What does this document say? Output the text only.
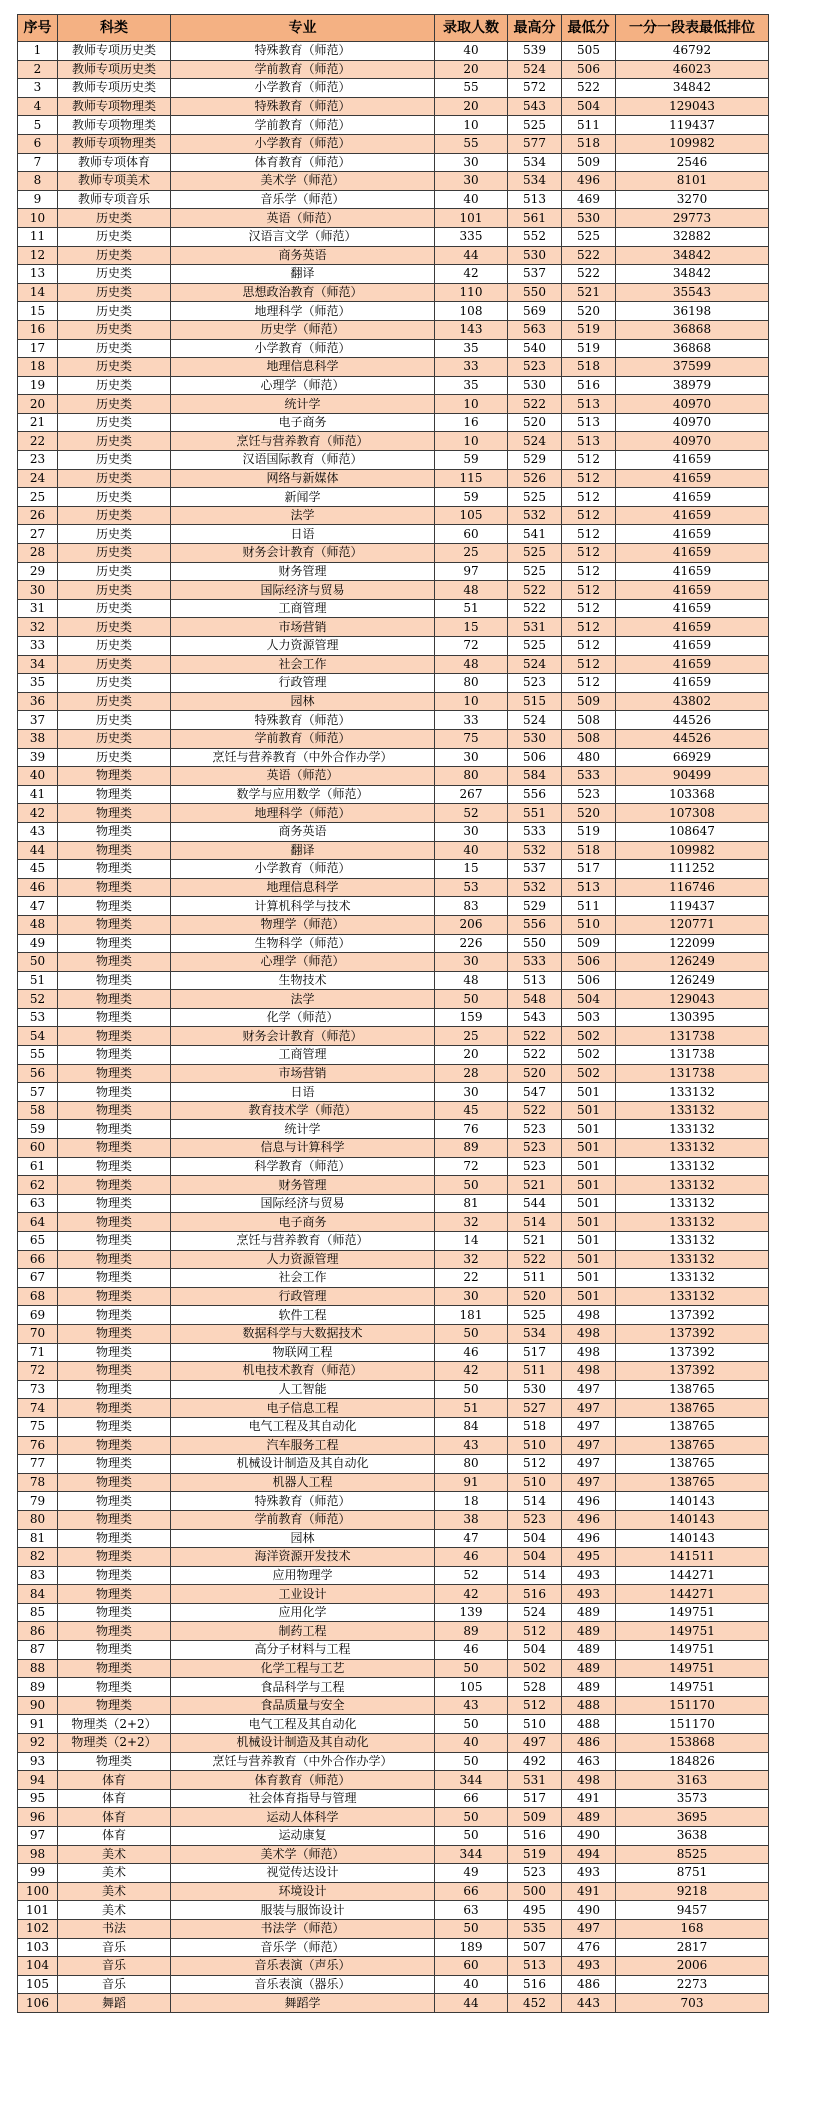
序号	科类	专业	录取人数	最高分	最低分	一分一段表最低排位
1	教师专项历史类	特殊教育（师范）	40	539	505	46792
2	教师专项历史类	学前教育（师范）	20	524	506	46023
3	教师专项历史类	小学教育（师范）	55	572	522	34842
4	教师专项物理类	特殊教育（师范）	20	543	504	129043
5	教师专项物理类	学前教育（师范）	10	525	511	119437
6	教师专项物理类	小学教育（师范）	55	577	518	109982
7	教师专项体育	体育教育（师范）	30	534	509	2546
8	教师专项美术	美术学（师范）	30	534	496	8101
9	教师专项音乐	音乐学（师范）	40	513	469	3270
10	历史类	英语（师范）	101	561	530	29773
11	历史类	汉语言文学（师范）	335	552	525	32882
12	历史类	商务英语	44	530	522	34842
13	历史类	翻译	42	537	522	34842
14	历史类	思想政治教育（师范）	110	550	521	35543
15	历史类	地理科学（师范）	108	569	520	36198
16	历史类	历史学（师范）	143	563	519	36868
17	历史类	小学教育（师范）	35	540	519	36868
18	历史类	地理信息科学	33	523	518	37599
19	历史类	心理学（师范）	35	530	516	38979
20	历史类	统计学	10	522	513	40970
21	历史类	电子商务	16	520	513	40970
22	历史类	烹饪与营养教育（师范）	10	524	513	40970
23	历史类	汉语国际教育（师范）	59	529	512	41659
24	历史类	网络与新媒体	115	526	512	41659
25	历史类	新闻学	59	525	512	41659
26	历史类	法学	105	532	512	41659
27	历史类	日语	60	541	512	41659
28	历史类	财务会计教育（师范）	25	525	512	41659
29	历史类	财务管理	97	525	512	41659
30	历史类	国际经济与贸易	48	522	512	41659
31	历史类	工商管理	51	522	512	41659
32	历史类	市场营销	15	531	512	41659
33	历史类	人力资源管理	72	525	512	41659
34	历史类	社会工作	48	524	512	41659
35	历史类	行政管理	80	523	512	41659
36	历史类	园林	10	515	509	43802
37	历史类	特殊教育（师范）	33	524	508	44526
38	历史类	学前教育（师范）	75	530	508	44526
39	历史类	烹饪与营养教育（中外合作办学）	30	506	480	66929
40	物理类	英语（师范）	80	584	533	90499
41	物理类	数学与应用数学（师范）	267	556	523	103368
42	物理类	地理科学（师范）	52	551	520	107308
43	物理类	商务英语	30	533	519	108647
44	物理类	翻译	40	532	518	109982
45	物理类	小学教育（师范）	15	537	517	111252
46	物理类	地理信息科学	53	532	513	116746
47	物理类	计算机科学与技术	83	529	511	119437
48	物理类	物理学（师范）	206	556	510	120771
49	物理类	生物科学（师范）	226	550	509	122099
50	物理类	心理学（师范）	30	533	506	126249
51	物理类	生物技术	48	513	506	126249
52	物理类	法学	50	548	504	129043
53	物理类	化学（师范）	159	543	503	130395
54	物理类	财务会计教育（师范）	25	522	502	131738
55	物理类	工商管理	20	522	502	131738
56	物理类	市场营销	28	520	502	131738
57	物理类	日语	30	547	501	133132
58	物理类	教育技术学（师范）	45	522	501	133132
59	物理类	统计学	76	523	501	133132
60	物理类	信息与计算科学	89	523	501	133132
61	物理类	科学教育（师范）	72	523	501	133132
62	物理类	财务管理	50	521	501	133132
63	物理类	国际经济与贸易	81	544	501	133132
64	物理类	电子商务	32	514	501	133132
65	物理类	烹饪与营养教育（师范）	14	521	501	133132
66	物理类	人力资源管理	32	522	501	133132
67	物理类	社会工作	22	511	501	133132
68	物理类	行政管理	30	520	501	133132
69	物理类	软件工程	181	525	498	137392
70	物理类	数据科学与大数据技术	50	534	498	137392
71	物理类	物联网工程	46	517	498	137392
72	物理类	机电技术教育（师范）	42	511	498	137392
73	物理类	人工智能	50	530	497	138765
74	物理类	电子信息工程	51	527	497	138765
75	物理类	电气工程及其自动化	84	518	497	138765
76	物理类	汽车服务工程	43	510	497	138765
77	物理类	机械设计制造及其自动化	80	512	497	138765
78	物理类	机器人工程	91	510	497	138765
79	物理类	特殊教育（师范）	18	514	496	140143
80	物理类	学前教育（师范）	38	523	496	140143
81	物理类	园林	47	504	496	140143
82	物理类	海洋资源开发技术	46	504	495	141511
83	物理类	应用物理学	52	514	493	144271
84	物理类	工业设计	42	516	493	144271
85	物理类	应用化学	139	524	489	149751
86	物理类	制药工程	89	512	489	149751
87	物理类	高分子材料与工程	46	504	489	149751
88	物理类	化学工程与工艺	50	502	489	149751
89	物理类	食品科学与工程	105	528	489	149751
90	物理类	食品质量与安全	43	512	488	151170
91	物理类（2+2）	电气工程及其自动化	50	510	488	151170
92	物理类（2+2）	机械设计制造及其自动化	40	497	486	153868
93	物理类	烹饪与营养教育（中外合作办学）	50	492	463	184826
94	体育	体育教育（师范）	344	531	498	3163
95	体育	社会体育指导与管理	66	517	491	3573
96	体育	运动人体科学	50	509	489	3695
97	体育	运动康复	50	516	490	3638
98	美术	美术学（师范）	344	519	494	8525
99	美术	视觉传达设计	49	523	493	8751
100	美术	环境设计	66	500	491	9218
101	美术	服装与服饰设计	63	495	490	9457
102	书法	书法学（师范）	50	535	497	168
103	音乐	音乐学（师范）	189	507	476	2817
104	音乐	音乐表演（声乐）	60	513	493	2006
105	音乐	音乐表演（器乐）	40	516	486	2273
106	舞蹈	舞蹈学	44	452	443	703
